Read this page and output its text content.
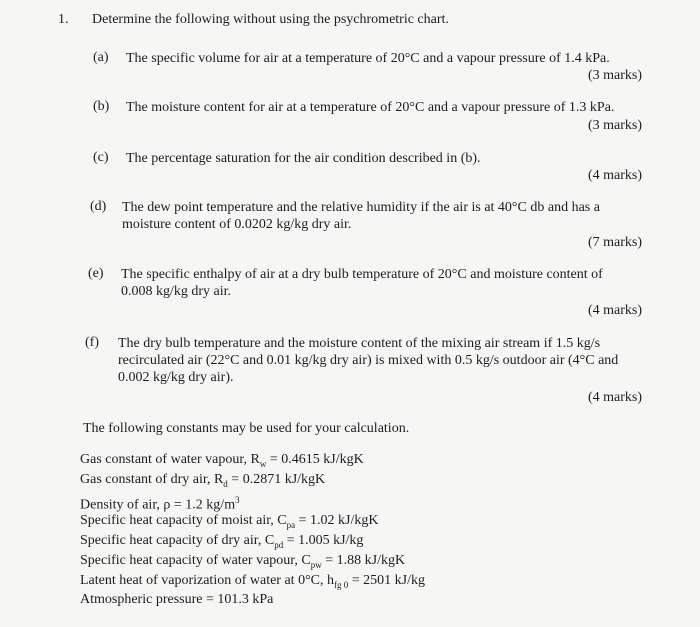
1. Determine the following without using the psychrometric chart.
(a) The specific volume for air at a temperature of 20°C and a vapour pressure of 1.4 kPa.
(3 marks)
(b) The moisture content for air at a temperature of 20°C and a vapour pressure of 1.3 kPa.
(3 marks)
(c) The percentage saturation for the air condition described in (b).
(4 marks)
(d) The dew point temperature and the relative humidity if the air is at 40°C db and has a
moisture content of 0.0202 kg/kg dry air.
(7 marks)
(e) The specific enthalpy of air at a dry bulb temperature of 20°C and moisture content of
0.008 kg/kg dry air.
(4 marks)
(f) The dry bulb temperature and the moisture content of the mixing air stream if 1.5 kg/s
recirculated air (22°C and 0.01 kg/kg dry air) is mixed with 0.5 kg/s outdoor air (4°C and
0.002 kg/kg dry air).
(4 marks)
The following constants may be used for your calculation.
Gas constant of water vapour, $R_w = 0.4615$ kJ/kgK
Gas constant of dry air, $R_d = 0.2871$ kJ/kgK
Density of air, ρ = 1.2 $kg/m^3$
Specific heat capacity of moist air, $C_{pa} = 1.02$ kJ/kgK
Specific heat capacity of dry air, $C_{pd} = 1.005$ kJ/kg
Specific heat capacity of water vapour, $C_{pw} = 1.88$ kJ/kgK
Latent heat of vaporization of water at 0°C, $h_{fg 0} = 2501$ kJ/kg
Atmospheric pressure = 101.3 kPa
